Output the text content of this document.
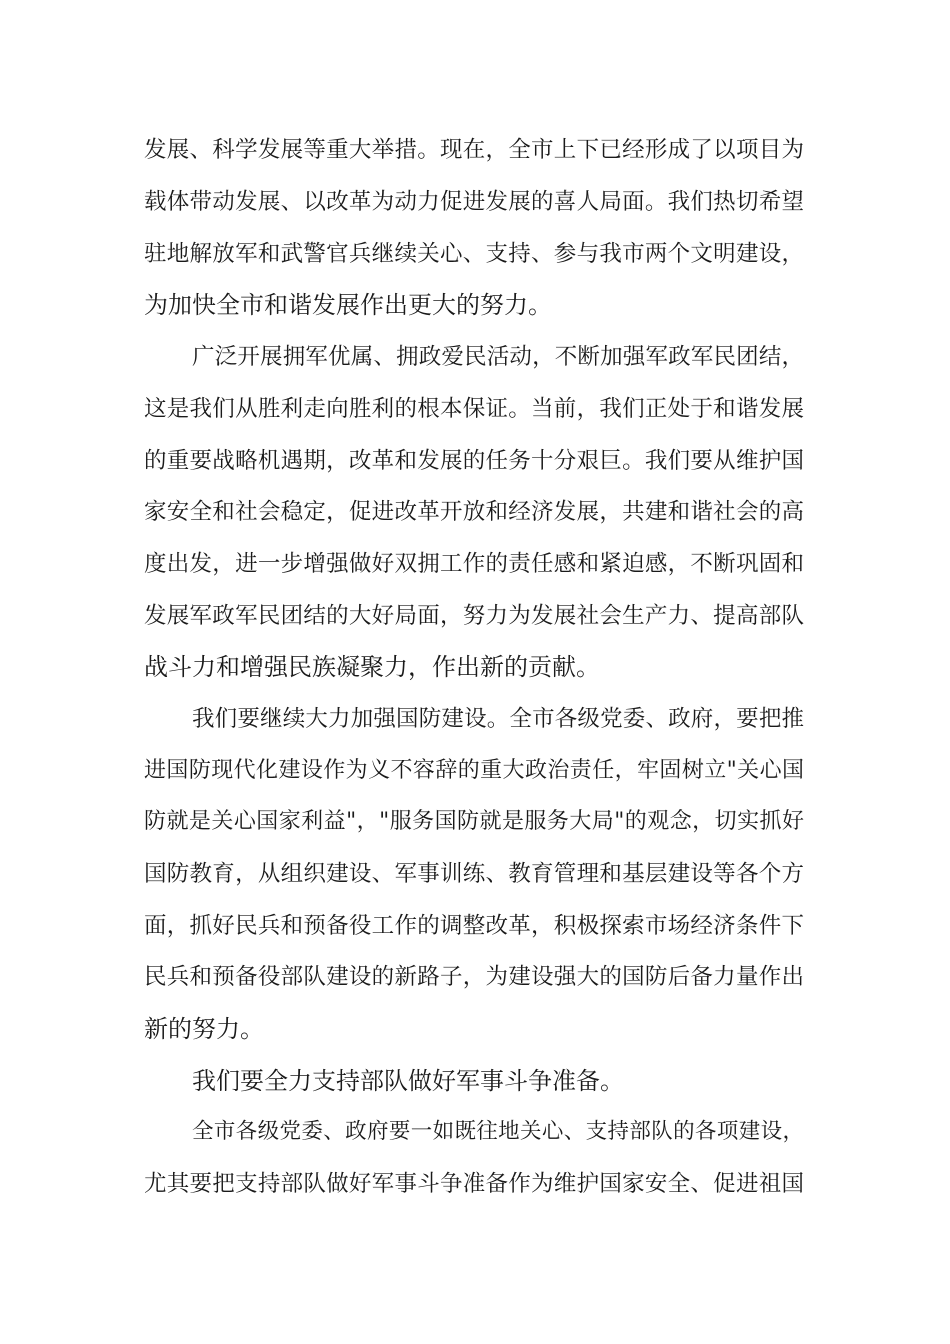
发展、科学发展等重大举措。现在，全市上下已经形成了以项目为
载体带动发展、以改革为动力促进发展的喜人局面。我们热切希望
驻地解放军和武警官兵继续关心、支持、参与我市两个文明建设，
为加快全市和谐发展作出更大的努力。
广泛开展拥军优属、拥政爱民活动，不断加强军政军民团结，
这是我们从胜利走向胜利的根本保证。当前，我们正处于和谐发展
的重要战略机遇期，改革和发展的任务十分艰巨。我们要从维护国
家安全和社会稳定，促进改革开放和经济发展，共建和谐社会的高
度出发，进一步增强做好双拥工作的责任感和紧迫感，不断巩固和
发展军政军民团结的大好局面，努力为发展社会生产力、提高部队
战斗力和增强民族凝聚力，作出新的贡献。
我们要继续大力加强国防建设。全市各级党委、政府，要把推
进国防现代化建设作为义不容辞的重大政治责任，牢固树立"关心国
防就是关心国家利益"，"服务国防就是服务大局"的观念，切实抓好
国防教育，从组织建设、军事训练、教育管理和基层建设等各个方
面，抓好民兵和预备役工作的调整改革，积极探索市场经济条件下
民兵和预备役部队建设的新路子，为建设强大的国防后备力量作出
新的努力。
我们要全力支持部队做好军事斗争准备。
全市各级党委、政府要一如既往地关心、支持部队的各项建设，
尤其要把支持部队做好军事斗争准备作为维护国家安全、促进祖国
